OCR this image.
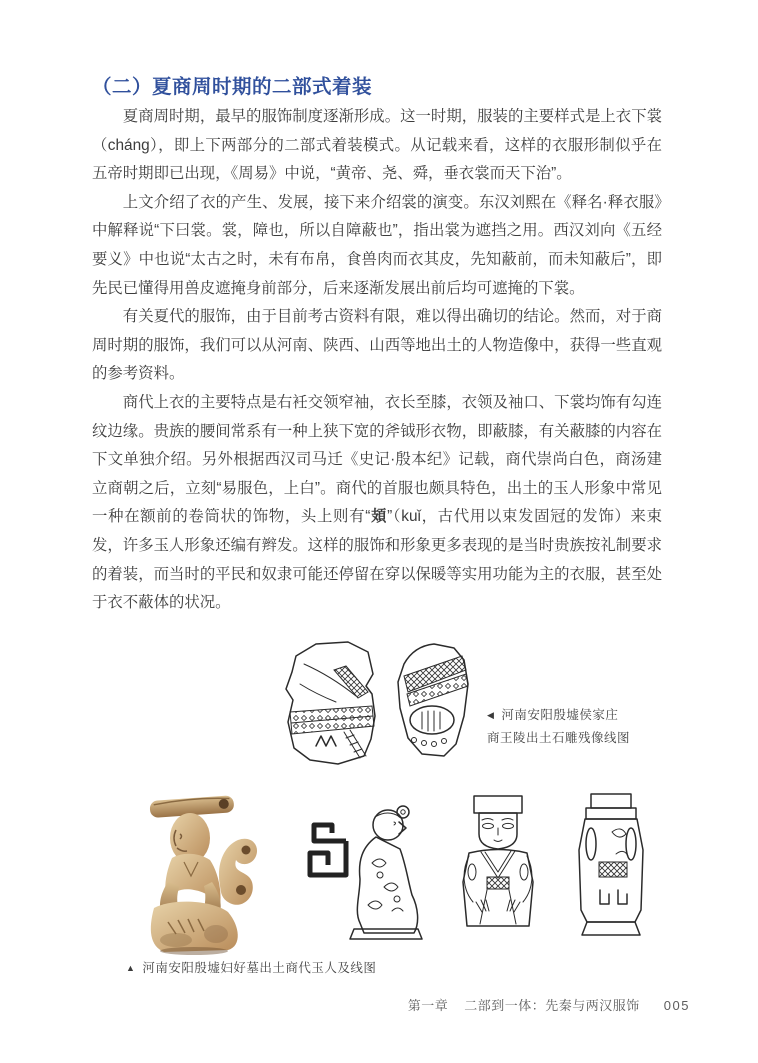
（二）夏商周时期的二部式着装

夏商周时期，最早的服饰制度逐渐形成。这一时期，服装的主要样式是上衣下裳（cháng），即上下两部分的二部式着装模式。从记载来看，这样的衣服形制似乎在五帝时期即已出现，《周易》中说，“黄帝、尧、舜，垂衣裳而天下治”。

上文介绍了衣的产生、发展，接下来介绍裳的演变。东汉刘熙在《释名·释衣服》中解释说“下曰裳。裳，障也，所以自障蔽也”，指出裳为遮挡之用。西汉刘向《五经要义》中也说“太古之时，未有布帛，食兽肉而衣其皮，先知蔽前，而未知蔽后”，即先民已懂得用兽皮遮掩身前部分，后来逐渐发展出前后均可遮掩的下裳。

有关夏代的服饰，由于目前考古资料有限，难以得出确切的结论。然而，对于商周时期的服饰，我们可以从河南、陕西、山西等地出土的人物造像中，获得一些直观的参考资料。

商代上衣的主要特点是右衽交领窄袖，衣长至膝，衣领及袖口、下裳均饰有勾连纹边缘。贵族的腰间常系有一种上狭下宽的斧钺形衣物，即蔽膝，有关蔽膝的内容在下文单独介绍。另外根据西汉司马迁《史记·殷本纪》记载，商代崇尚白色，商汤建立商朝之后，立刻“易服色，上白”。商代的首服也颇具特色，出土的玉人形象中常见一种在额前的卷筒状的饰物，头上则有“頍”（kuǐ，古代用以束发固冠的发饰）来束发，许多玉人形象还编有辫发。这样的服饰和形象更多表现的是当时贵族按礼制要求的着装，而当时的平民和奴隶可能还停留在穿以保暖等实用功能为主的衣服，甚至处于衣不蔽体的状况。

◀ 河南安阳殷墟侯家庄
商王陵出土石雕残像线图
▲ 河南安阳殷墟妇好墓出土商代玉人及线图
第一章 二部到一体：先秦与两汉服饰 005
